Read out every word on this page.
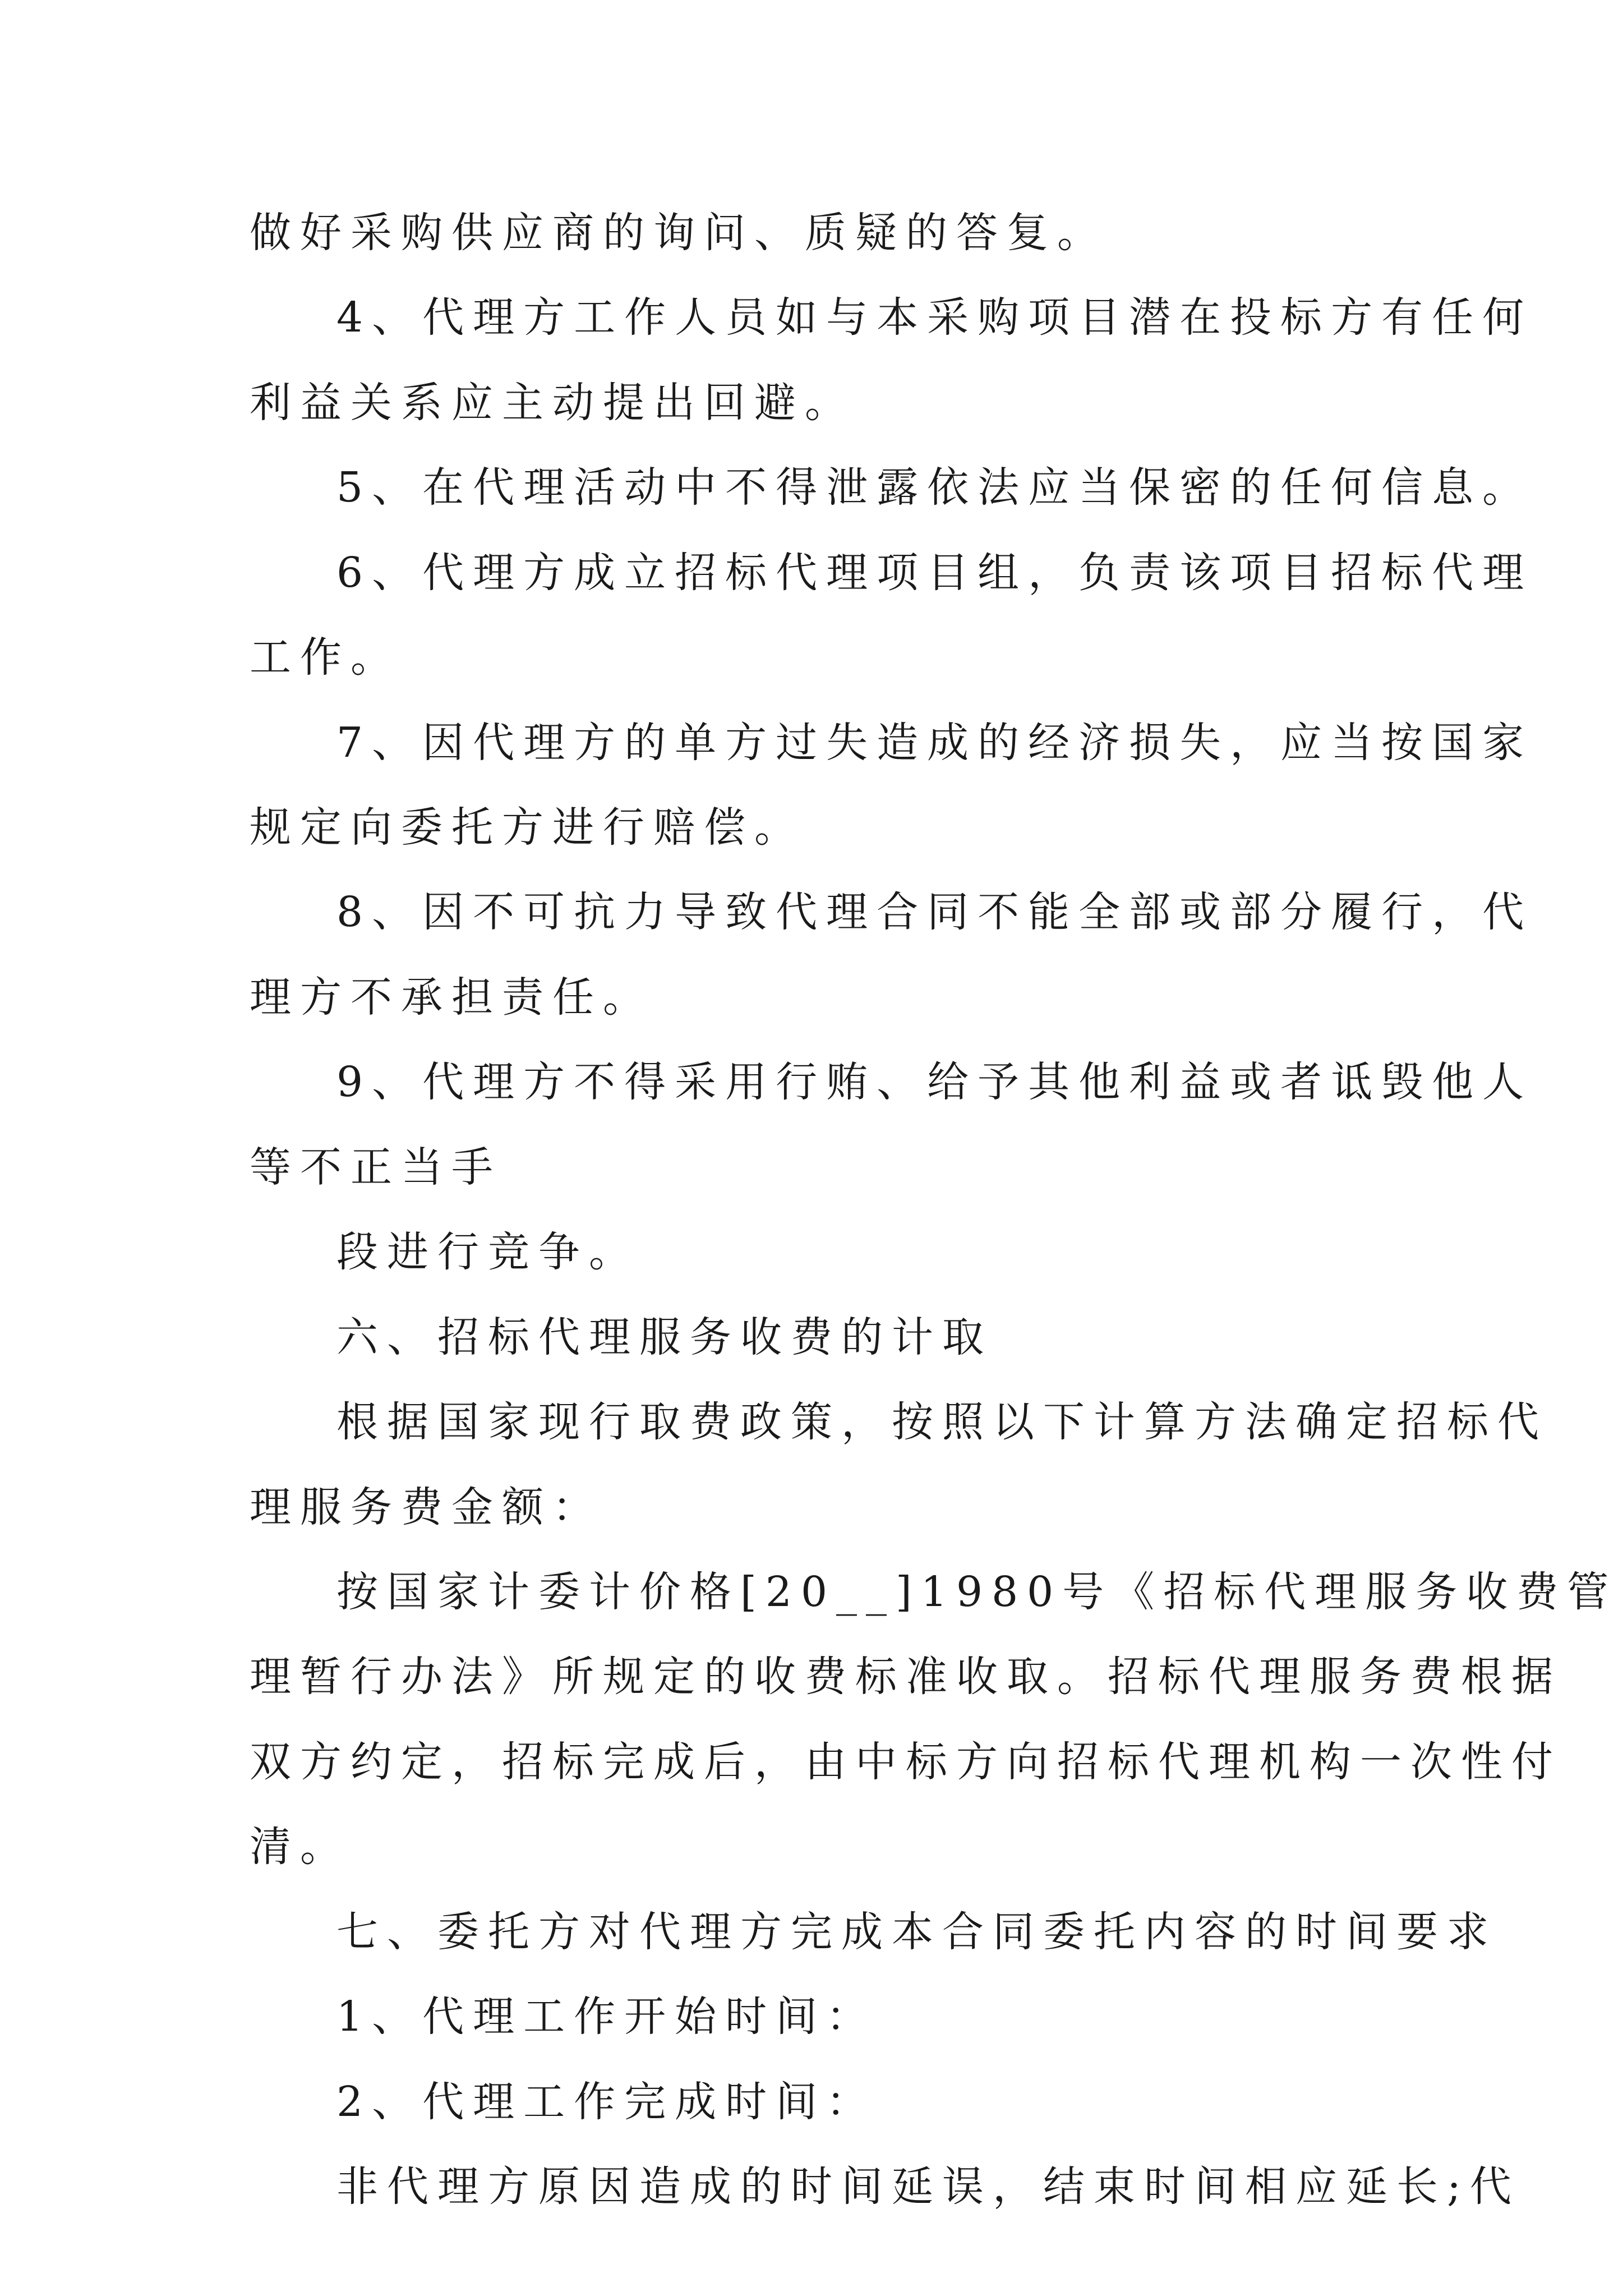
做好采购供应商的询问、质疑的答复。
4、代理方工作人员如与本采购项目潜在投标方有任何
利益关系应主动提出回避。
5、在代理活动中不得泄露依法应当保密的任何信息。
6、代理方成立招标代理项目组，负责该项目招标代理
工作。
7、因代理方的单方过失造成的经济损失，应当按国家
规定向委托方进行赔偿。
8、因不可抗力导致代理合同不能全部或部分履行，代
理方不承担责任。
9、代理方不得采用行贿、给予其他利益或者诋毁他人
等不正当手
段进行竞争。
六、招标代理服务收费的计取
根据国家现行取费政策，按照以下计算方法确定招标代
理服务费金额：
按国家计委计价格[20__]1980号《招标代理服务收费管
理暂行办法》所规定的收费标准收取。招标代理服务费根据
双方约定，招标完成后，由中标方向招标代理机构一次性付
清。
七、委托方对代理方完成本合同委托内容的时间要求
1、代理工作开始时间：
2、代理工作完成时间：
非代理方原因造成的时间延误，结束时间相应延长;代
